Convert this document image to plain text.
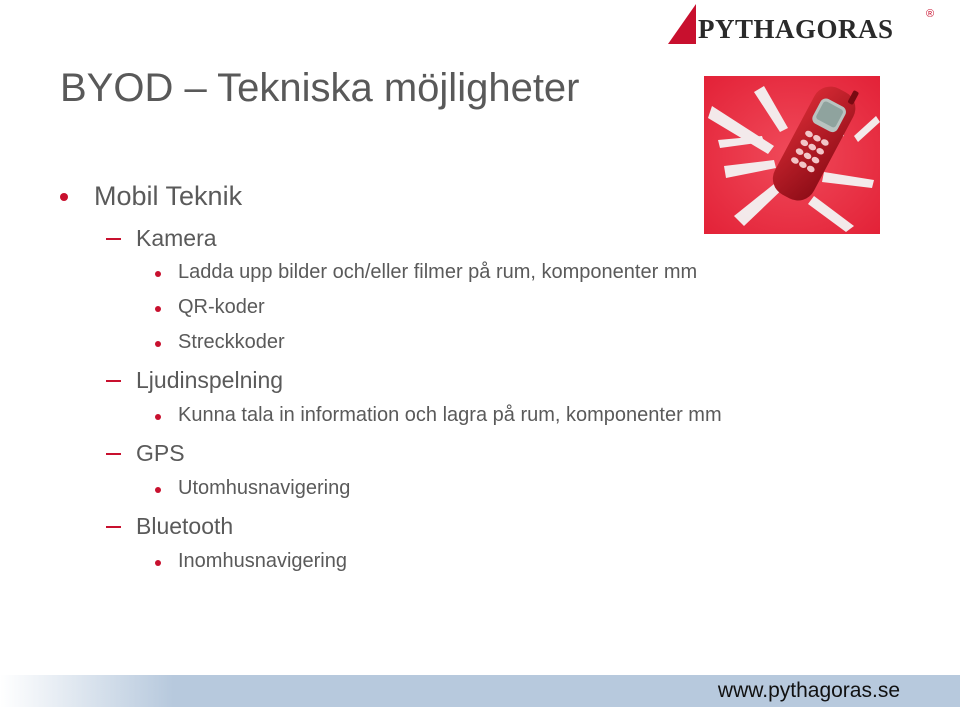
PYTHAGORAS	®
BYOD – Tekniska möjligheter
Mobil Teknik
Kamera
Ladda upp bilder och/eller filmer på rum, komponenter mm
QR-koder
Streckkoder
Ljudinspelning
Kunna tala in information och lagra på rum, komponenter mm
GPS
Utomhusnavigering
Bluetooth
Inomhusnavigering
www.pythagoras.se
